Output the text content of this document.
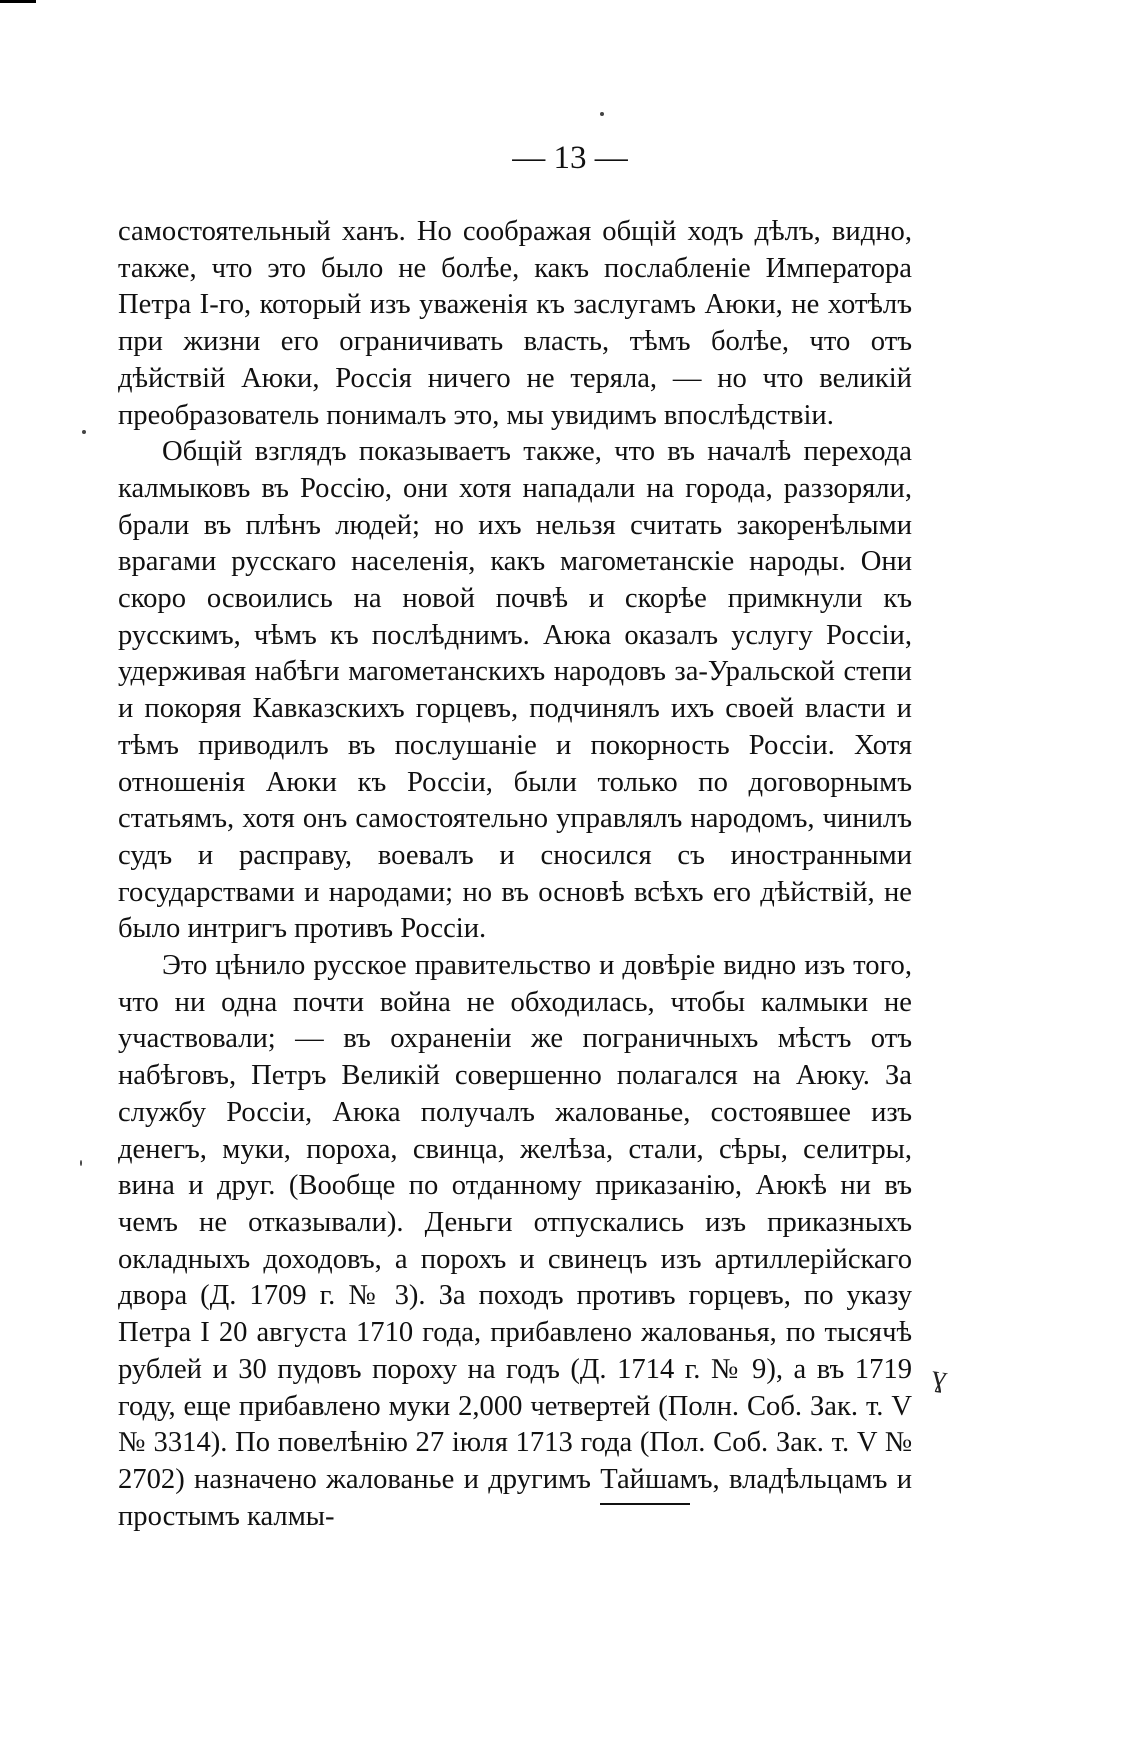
— 13 —

самостоятельный ханъ. Но соображая общій ходъ дѣлъ, видно, также, что это было не болѣе, какъ послабленіе Императора Петра І-го, который изъ уваженія къ заслугамъ Аюки, не хотѣлъ при жизни его ограничивать власть, тѣмъ болѣе, что отъ дѣйствій Аюки, Россія ничего не теряла, — но что великій преобразователь понималъ это, мы увидимъ впослѣдствіи.

Общій взглядъ показываетъ также, что въ началѣ перехода калмыковъ въ Россію, они хотя нападали на города, раззоряли, брали въ плѣнъ людей; но ихъ нельзя считать закоренѣлыми врагами русскаго населенія, какъ магометанскіе народы. Они скоро освоились на новой почвѣ и скорѣе примкнули къ русскимъ, чѣмъ къ послѣднимъ. Аюка оказалъ услугу Россіи, удерживая набѣги магометанскихъ народовъ за-Уральской степи и покоряя Кавказскихъ горцевъ, подчинялъ ихъ своей власти и тѣмъ приводилъ въ послушаніе и покорность Россіи. Хотя отношенія Аюки къ Россіи, были только по договорнымъ статьямъ, хотя онъ самостоятельно управлялъ народомъ, чинилъ судъ и расправу, воевалъ и сносился съ иностранными государствами и народами; но въ основѣ всѣхъ его дѣйствій, не было интригъ противъ Россіи.

Это цѣнило русское правительство и довѣріе видно изъ того, что ни одна почти война не обходилась, чтобы калмыки не участвовали; — въ охраненіи же пограничныхъ мѣстъ отъ набѣговъ, Петръ Великій совершенно полагался на Аюку. За службу Россіи, Аюка получалъ жалованье, состоявшее изъ денегъ, муки, пороха, свинца, желѣза, стали, сѣры, селитры, вина и друг. (Вообще по отданному приказанію, Аюкѣ ни въ чемъ не отказывали). Деньги отпускались изъ приказныхъ окладныхъ доходовъ, а порохъ и свинецъ изъ артиллерійскаго двора (Д. 1709 г. № 3). За походъ противъ горцевъ, по указу Петра І 20 августа 1710 года, прибавлено жалованья, по тысячѣ рублей и 30 пудовъ пороху на годъ (Д. 1714 г. № 9), а въ 1719 году, еще прибавлено муки 2,000 четвертей (Полн. Соб. Зак. т. V № 3314). По повелѣнію 27 іюля 1713 года (Пол. Соб. Зак. т. V № 2702) назначено жалованье и другимъ Тайшамъ, владѣльцамъ и простымъ калмы-

ɣ
